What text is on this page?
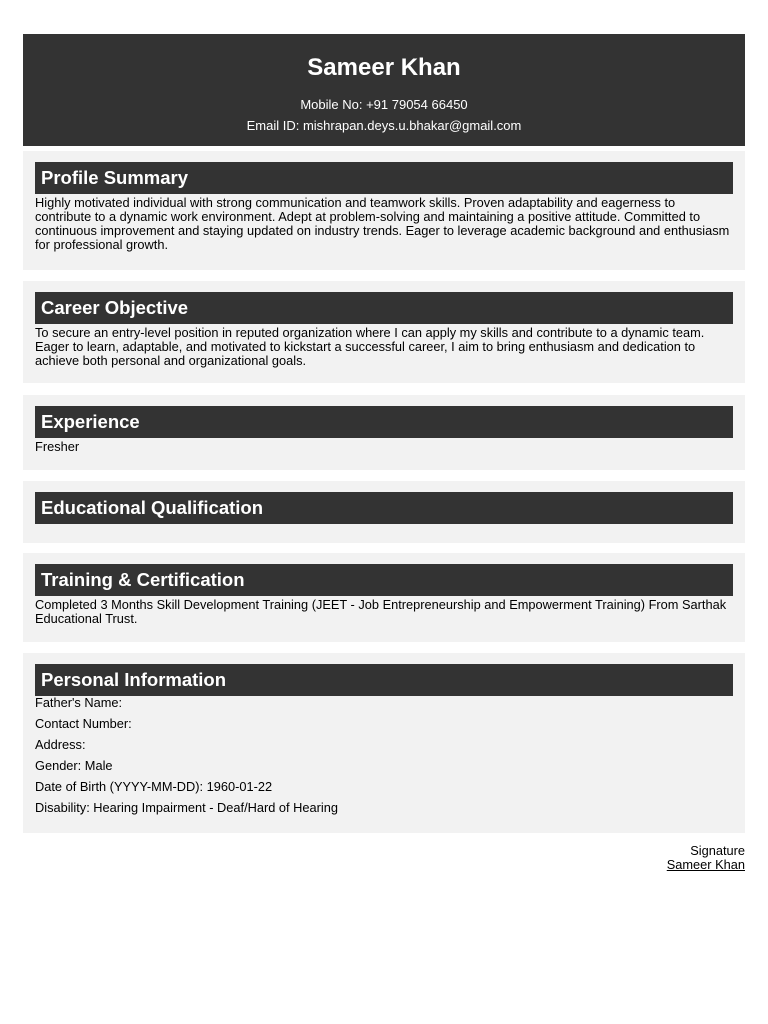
Sameer Khan
Mobile No: +91 79054 66450
Email ID: mishrapan.deys.u.bhakar@gmail.com
Profile Summary
Highly motivated individual with strong communication and teamwork skills. Proven adaptability and eagerness to contribute to a dynamic work environment. Adept at problem-solving and maintaining a positive attitude. Committed to continuous improvement and staying updated on industry trends. Eager to leverage academic background and enthusiasm for professional growth.
Career Objective
To secure an entry-level position in reputed organization where I can apply my skills and contribute to a dynamic team. Eager to learn, adaptable, and motivated to kickstart a successful career, I aim to bring enthusiasm and dedication to achieve both personal and organizational goals.
Experience
Fresher
Educational Qualification
Training & Certification
Completed 3 Months Skill Development Training (JEET - Job Entrepreneurship and Empowerment Training) From Sarthak Educational Trust.
Personal Information
Father's Name:
Contact Number:
Address:
Gender: Male
Date of Birth (YYYY-MM-DD): 1960-01-22
Disability: Hearing Impairment - Deaf/Hard of Hearing
Signature
Sameer Khan
